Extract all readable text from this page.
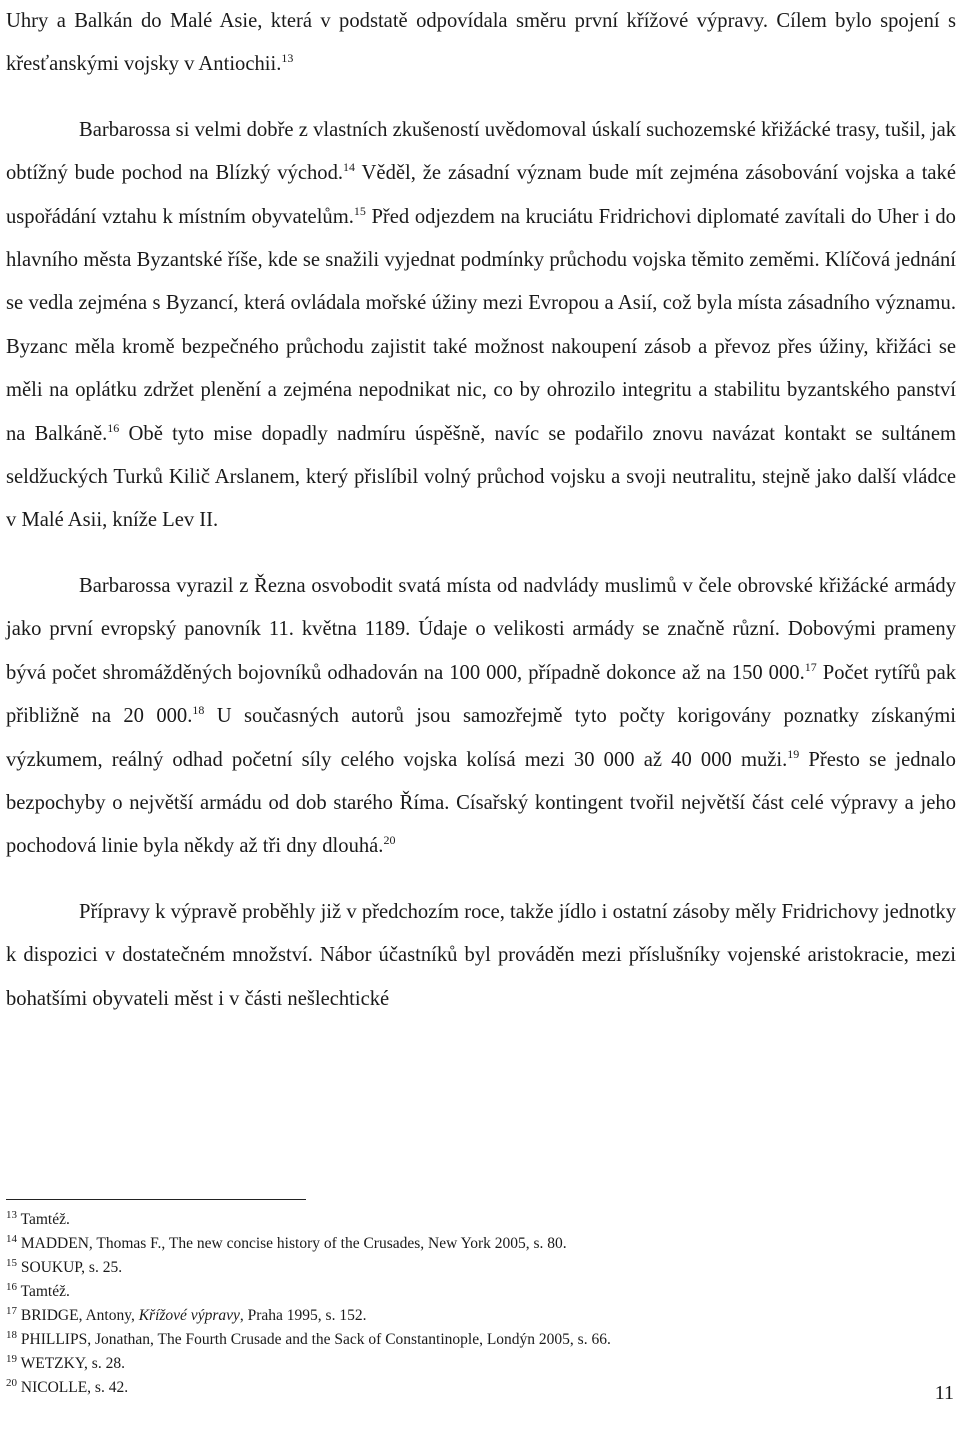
Uhry a Balkán do Malé Asie, která v podstatě odpovídala směru první křížové výpravy. Cílem bylo spojení s křesťanskými vojsky v Antiochii.$^{13}$

Barbarossa si velmi dobře z vlastních zkušeností uvědomoval úskalí suchozemské křižácké trasy, tušil, jak obtížný bude pochod na Blízký východ.$^{14}$ Věděl, že zásadní význam bude mít zejména zásobování vojska a také uspořádání vztahu k místním obyvatelům.$^{15}$ Před odjezdem na kruciátu Fridrichovi diplomaté zavítali do Uher i do hlavního města Byzantské říše, kde se snažili vyjednat podmínky průchodu vojska těmito zeměmi. Klíčová jednání se vedla zejména s Byzancí, která ovládala mořské úžiny mezi Evropou a Asií, což byla místa zásadního významu. Byzanc měla kromě bezpečného průchodu zajistit také možnost nakoupení zásob a převoz přes úžiny, křižáci se měli na oplátku zdržet plenění a zejména nepodnikat nic, co by ohrozilo integritu a stabilitu byzantského panství na Balkáně.$^{16}$ Obě tyto mise dopadly nadmíru úspěšně, navíc se podařilo znovu navázat kontakt se sultánem seldžuckých Turků Kilič Arslanem, který přislíbil volný průchod vojsku a svoji neutralitu, stejně jako další vládce v Malé Asii, kníže Lev II.

Barbarossa vyrazil z Řezna osvobodit svatá místa od nadvlády muslimů v čele obrovské křižácké armády jako první evropský panovník 11. května 1189. Údaje o velikosti armády se značně různí. Dobovými prameny bývá počet shromážděných bojovníků odhadován na 100 000, případně dokonce až na 150 000.17 Počet rytířů pak přibližně na 20 000.18 U současných autorů jsou samozřejmě tyto počty korigovány poznatky získanými výzkumem, reálný odhad početní síly celého vojska kolísá mezi 30 000 až 40 000 muži.$^{19}$ Přesto se jednalo bezpochyby o největší armádu od dob starého Říma. Císařský kontingent tvořil největší část celé výpravy a jeho pochodová linie byla někdy až tři dny dlouhá.$^{20}$

Přípravy k výpravě proběhly již v předchozím roce, takže jídlo i ostatní zásoby měly Fridrichovy jednotky k dispozici v dostatečném množství. Nábor účastníků byl prováděn mezi příslušníky vojenské aristokracie, mezi bohatšími obyvateli měst i v části nešlechtické

$^{13}$ Tamtéž.
$^{14}$ MADDEN, Thomas F., The new concise history of the Crusades, New York 2005, s. 80.
$^{15}$ SOUKUP, s. 25.
$^{16}$ Tamtéž.
$^{17}$ BRIDGE, Antony, Křížové výpravy, Praha 1995, s. 152.
$^{18}$ PHILLIPS, Jonathan, The Fourth Crusade and the Sack of Constantinople, Londýn 2005, s. 66.
$^{19}$ WETZKY, s. 28.
$^{20}$ NICOLLE, s. 42.	11
